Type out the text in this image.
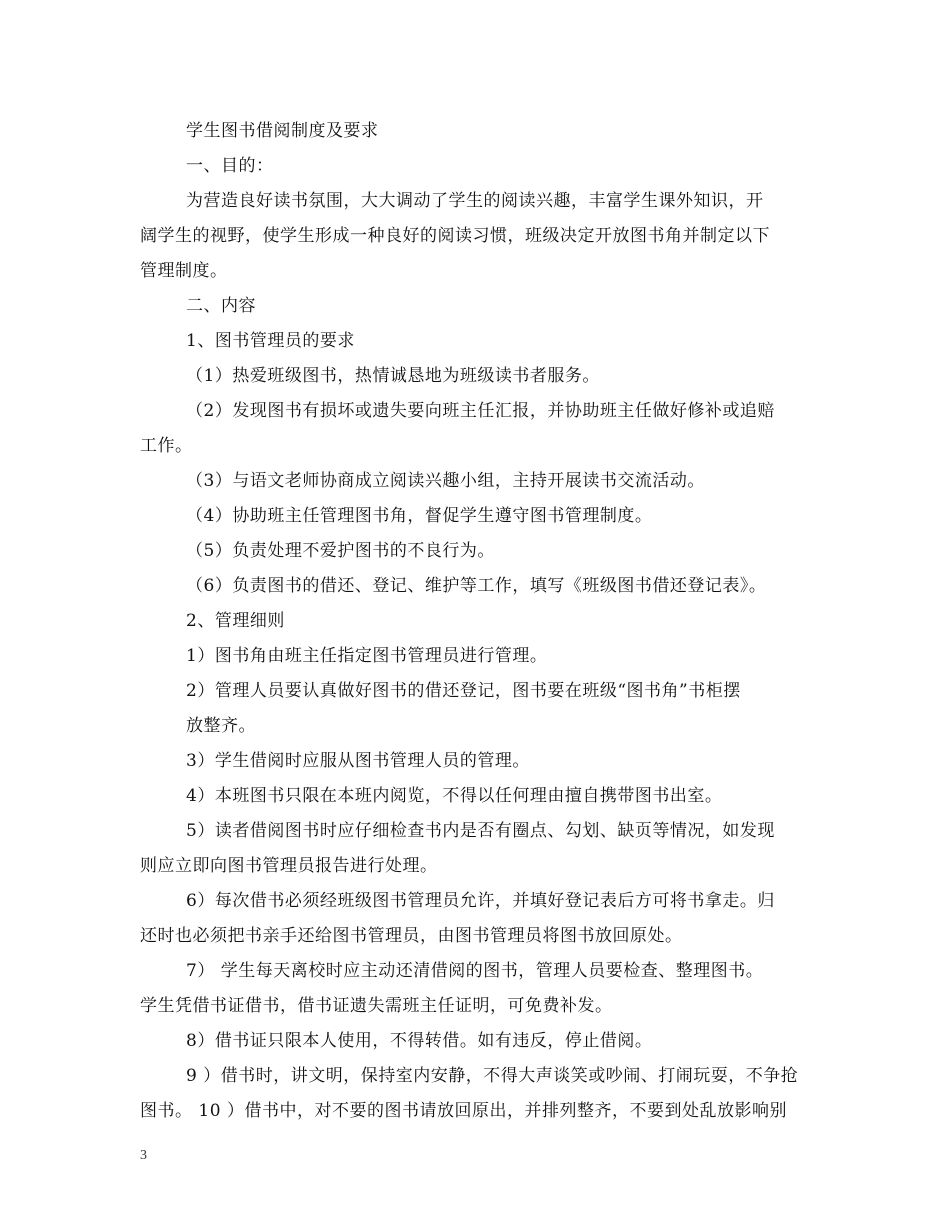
学生图书借阅制度及要求
一、目的：
为营造良好读书氛围，大大调动了学生的阅读兴趣，丰富学生课外知识，开
阔学生的视野，使学生形成一种良好的阅读习惯，班级决定开放图书角并制定以下
管理制度。
二、内容
1、图书管理员的要求
（1）热爱班级图书，热情诚恳地为班级读书者服务。
（2）发现图书有损坏或遗失要向班主任汇报，并协助班主任做好修补或追赔
工作。
（3）与语文老师协商成立阅读兴趣小组，主持开展读书交流活动。
（4）协助班主任管理图书角，督促学生遵守图书管理制度。
（5）负责处理不爱护图书的不良行为。
（6）负责图书的借还、登记、维护等工作，填写《班级图书借还登记表》。
2、管理细则
1）图书角由班主任指定图书管理员进行管理。
2）管理人员要认真做好图书的借还登记，图书要在班级“图书角”书柜摆
放整齐。
3）学生借阅时应服从图书管理人员的管理。
4）本班图书只限在本班内阅览，不得以任何理由擅自携带图书出室。
5）读者借阅图书时应仔细检查书内是否有圈点、勾划、缺页等情况，如发现
则应立即向图书管理员报告进行处理。
6）每次借书必须经班级图书管理员允许，并填好登记表后方可将书拿走。归
还时也必须把书亲手还给图书管理员，由图书管理员将图书放回原处。
7） 学生每天离校时应主动还清借阅的图书，管理人员要检查、整理图书。
学生凭借书证借书，借书证遗失需班主任证明，可免费补发。
8）借书证只限本人使用，不得转借。如有违反，停止借阅。
9 ）借书时，讲文明，保持室内安静，不得大声谈笑或吵闹、打闹玩耍，不争抢
图书。 10 ）借书中，对不要的图书请放回原出，并排列整齐，不要到处乱放影响别
3
